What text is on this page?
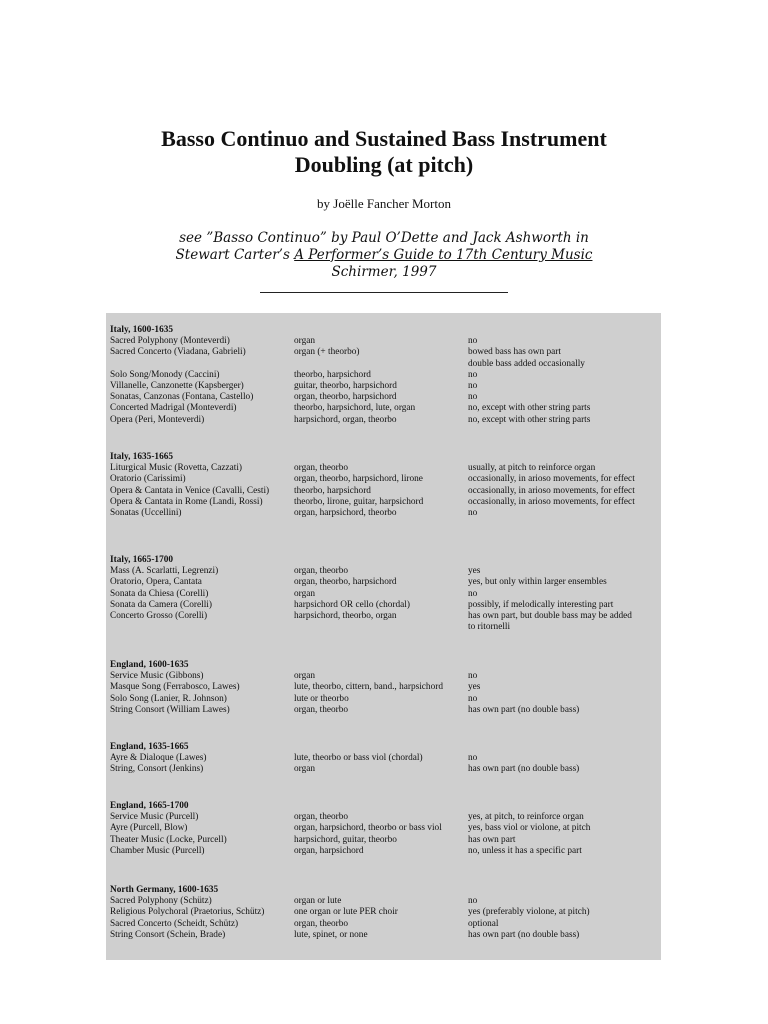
Basso Continuo and Sustained Bass Instrument
Doubling (at pitch)
by Joëlle Fancher Morton
see ”Basso Continuo” by Paul O’Dette and Jack Ashworth in Stewart Carter’s A Performer’s Guide to 17th Century Music Schirmer, 1997
Italy, 1600-1635
Sacred Polyphony (Monteverdi)	organ	no
Sacred Concerto (Viadana, Gabrieli)	organ (+ theorbo)	bowed bass has own part
double bass added occasionally
Solo Song/Monody (Caccini)	theorbo, harpsichord	no
Villanelle, Canzonette (Kapsberger)	guitar, theorbo, harpsichord	no
Sonatas, Canzonas (Fontana, Castello)	organ, theorbo, harpsichord	no
Concerted Madrigal (Monteverdi)	theorbo, harpsichord, lute, organ	no, except with other string parts
Opera (Peri, Monteverdi)	harpsichord, organ, theorbo	no, except with other string parts
Italy, 1635-1665
Liturgical Music (Rovetta, Cazzati)	organ, theorbo	usually, at pitch to reinforce organ
Oratorio (Carissimi)	organ, theorbo, harpsichord, lirone	occasionally, in arioso movements, for effect
Opera & Cantata in Venice (Cavalli, Cesti)	theorbo, harpsichord	occasionally, in arioso movements, for effect
Opera & Cantata in Rome (Landi, Rossi)	theorbo, lirone, guitar, harpsichord	occasionally, in arioso movements, for effect
Sonatas (Uccellini)	organ, harpsichord, theorbo	no
Italy, 1665-1700
Mass (A. Scarlatti, Legrenzi)	organ, theorbo	yes
Oratorio, Opera, Cantata	organ, theorbo, harpsichord	yes, but only within larger ensembles
Sonata da Chiesa (Corelli)	organ	no
Sonata da Camera (Corelli)	harpsichord OR cello (chordal)	possibly, if melodically interesting part
Concerto Grosso (Corelli)	harpsichord, theorbo, organ	has own part, but double bass may be added
to ritornelli
England, 1600-1635
Service Music (Gibbons)	organ	no
Masque Song (Ferrabosco, Lawes)	lute, theorbo, cittern, band., harpsichord	yes
Solo Song (Lanier, R. Johnson)	lute or theorbo	no
String Consort (William Lawes)	organ, theorbo	has own part (no double bass)
England, 1635-1665
Ayre & Dialoque (Lawes)	lute, theorbo or bass viol (chordal)	no
String, Consort (Jenkins)	organ	has own part (no double bass)
England, 1665-1700
Service Music (Purcell)	organ, theorbo	yes, at pitch, to reinforce organ
Ayre (Purcell, Blow)	organ, harpsichord, theorbo or bass viol	yes, bass viol or violone, at pitch
Theater Music (Locke, Purcell)	harpsichord, guitar, theorbo	has own part
Chamber Music (Purcell)	organ, harpsichord	no, unless it has a specific part
North Germany, 1600-1635
Sacred Polyphony (Schütz)	organ or lute	no
Religious Polychoral (Praetorius, Schütz)	one organ or lute PER choir	yes (preferably violone, at pitch)
Sacred Concerto (Scheidt, Schütz)	organ, theorbo	optional
String Consort (Schein, Brade)	lute, spinet, or none	has own part (no double bass)
